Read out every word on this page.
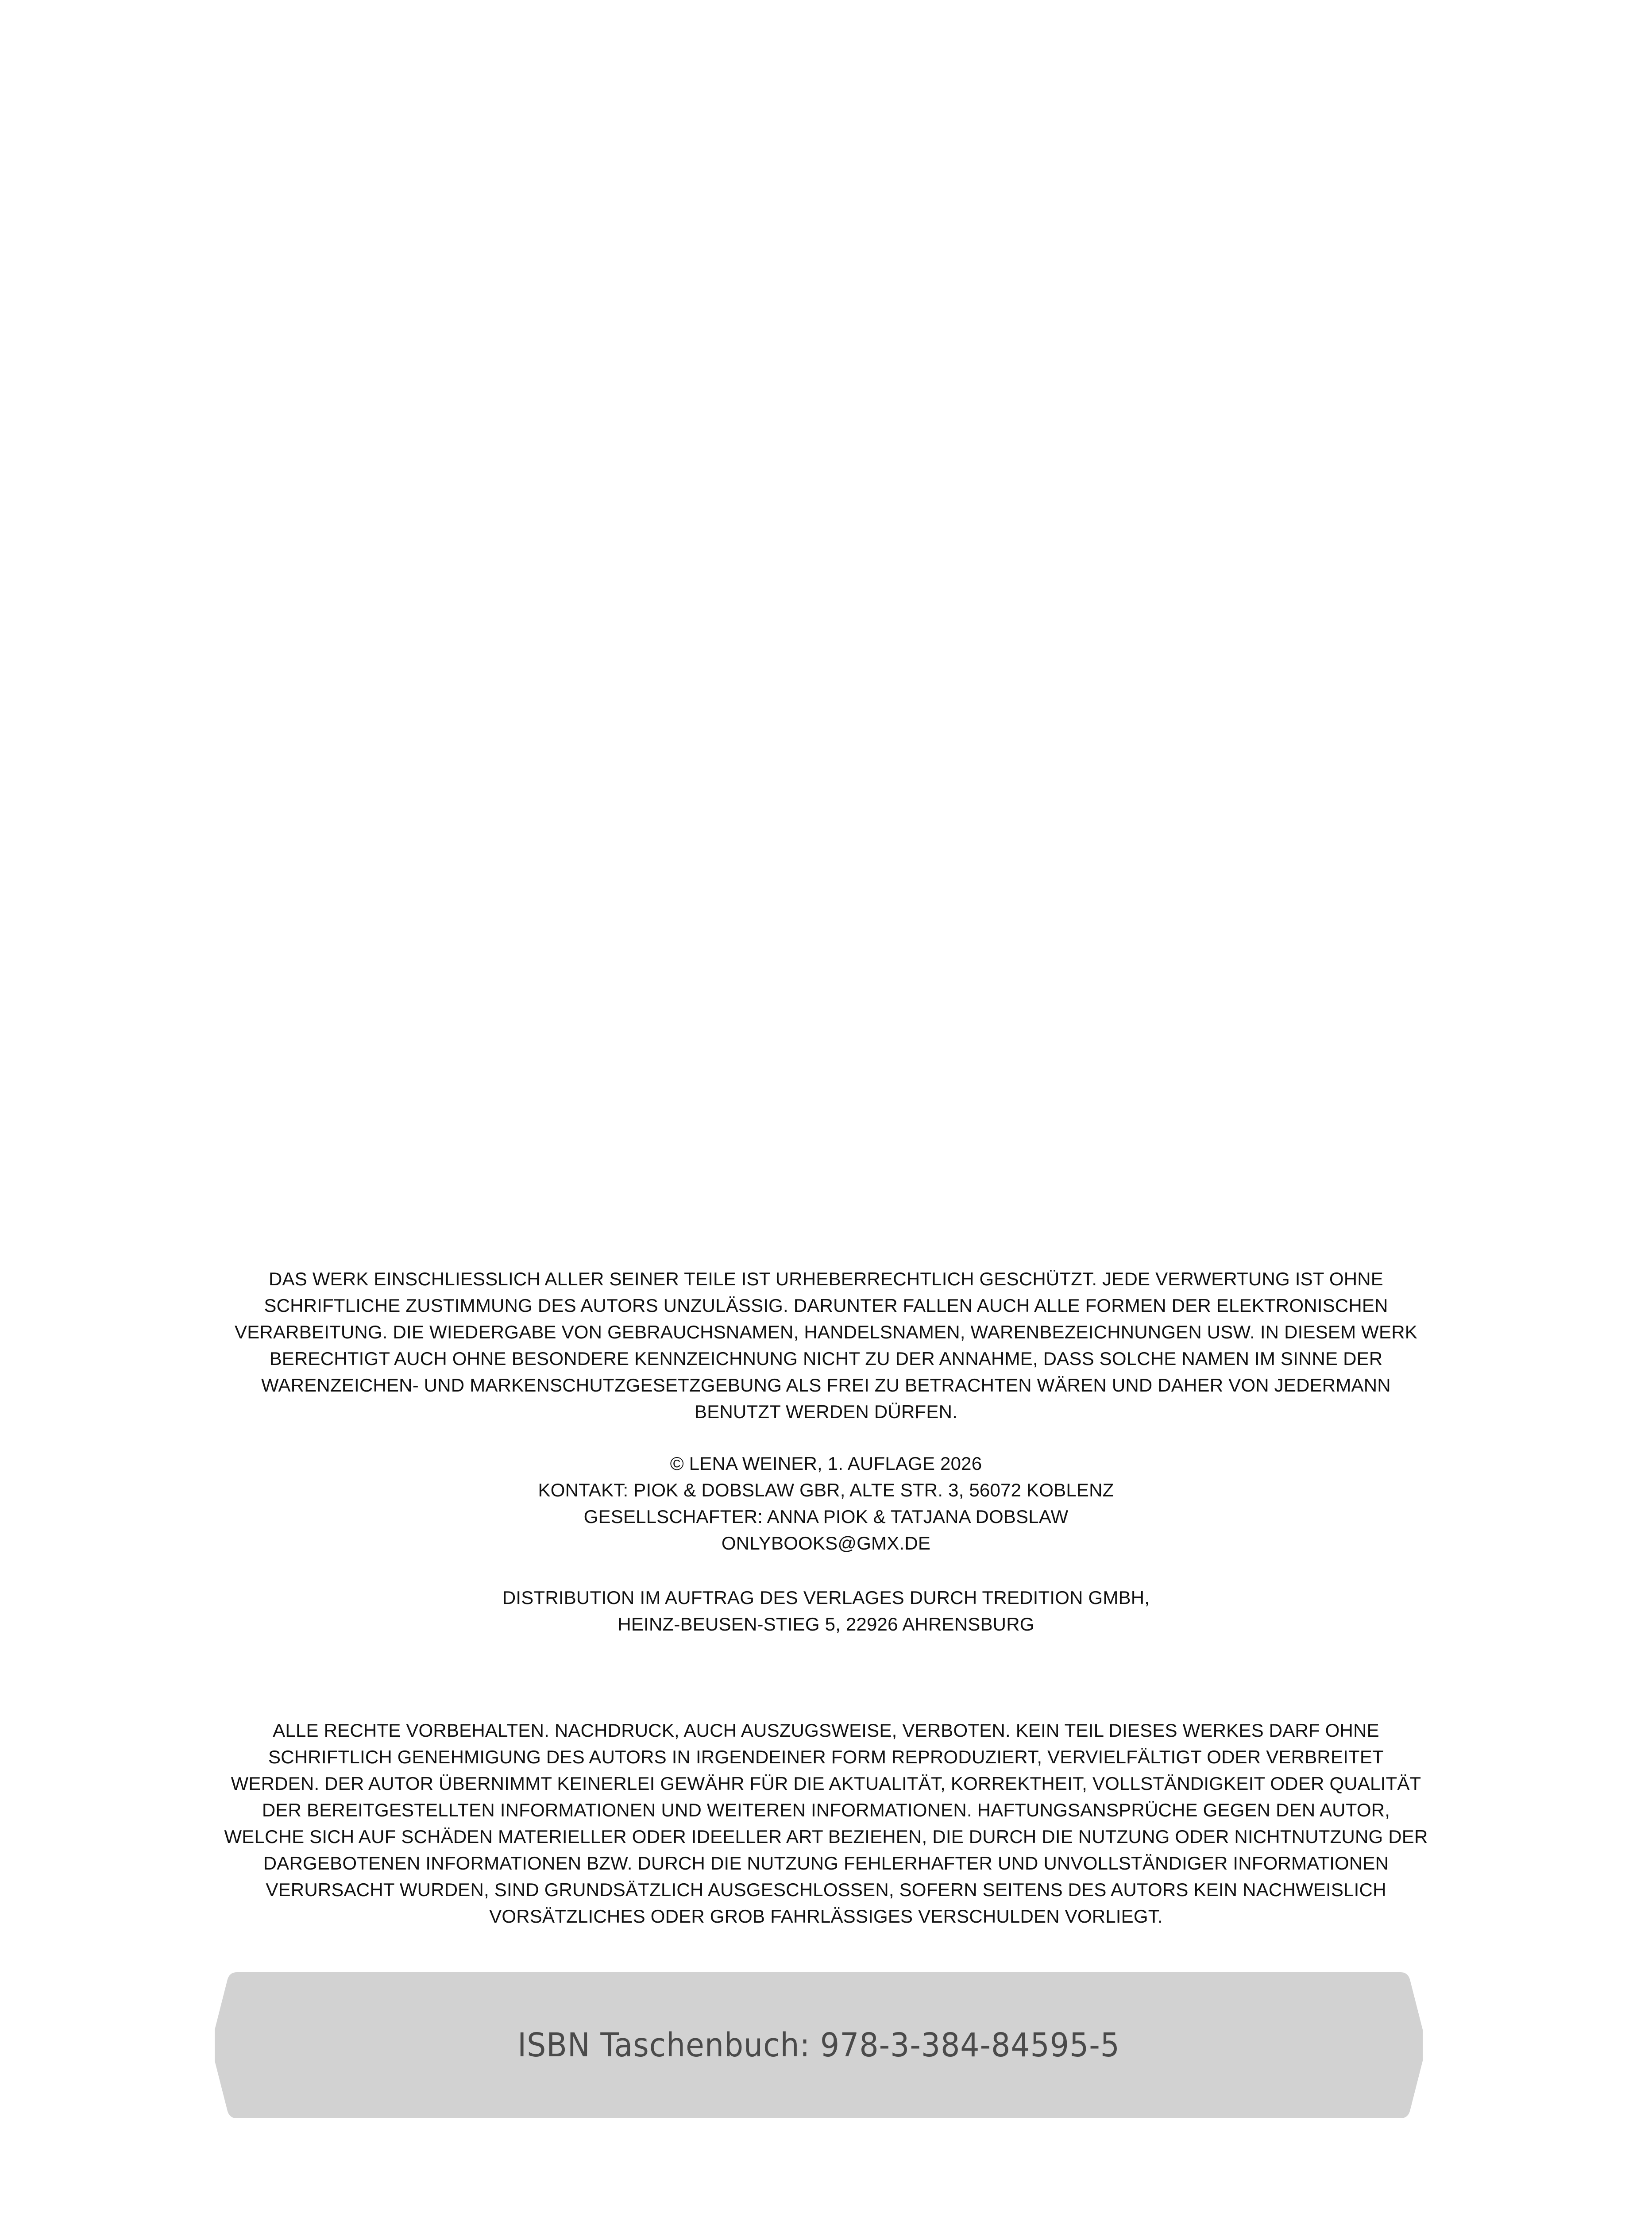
DAS WERK EINSCHLIESSLICH ALLER SEINER TEILE IST URHEBERRECHTLICH GESCHÜTZT. JEDE VERWERTUNG IST OHNE

SCHRIFTLICHE ZUSTIMMUNG DES AUTORS UNZULÄSSIG. DARUNTER FALLEN AUCH ALLE FORMEN DER ELEKTRONISCHEN

VERARBEITUNG. DIE WIEDERGABE VON GEBRAUCHSNAMEN, HANDELSNAMEN, WARENBEZEICHNUNGEN USW. IN DIESEM WERK

BERECHTIGT AUCH OHNE BESONDERE KENNZEICHNUNG NICHT ZU DER ANNAHME, DASS SOLCHE NAMEN IM SINNE DER

WARENZEICHEN- UND MARKENSCHUTZGESETZGEBUNG ALS FREI ZU BETRACHTEN WÄREN UND DAHER VON JEDERMANN

BENUTZT WERDEN DÜRFEN.

© LENA WEINER, 1. AUFLAGE 2026

KONTAKT: PIOK & DOBSLAW GBR, ALTE STR. 3, 56072 KOBLENZ

GESELLSCHAFTER: ANNA PIOK & TATJANA DOBSLAW

ONLYBOOKS@GMX.DE

DISTRIBUTION IM AUFTRAG DES VERLAGES DURCH TREDITION GMBH,

HEINZ-BEUSEN-STIEG 5, 22926 AHRENSBURG

ALLE RECHTE VORBEHALTEN. NACHDRUCK, AUCH AUSZUGSWEISE, VERBOTEN. KEIN TEIL DIESES WERKES DARF OHNE

SCHRIFTLICH GENEHMIGUNG DES AUTORS IN IRGENDEINER FORM REPRODUZIERT, VERVIELFÄLTIGT ODER VERBREITET

WERDEN. DER AUTOR ÜBERNIMMT KEINERLEI GEWÄHR FÜR DIE AKTUALITÄT, KORREKTHEIT, VOLLSTÄNDIGKEIT ODER QUALITÄT

DER BEREITGESTELLTEN INFORMATIONEN UND WEITEREN INFORMATIONEN. HAFTUNGSANSPRÜCHE GEGEN DEN AUTOR,

WELCHE SICH AUF SCHÄDEN MATERIELLER ODER IDEELLER ART BEZIEHEN, DIE DURCH DIE NUTZUNG ODER NICHTNUTZUNG DER

DARGEBOTENEN INFORMATIONEN BZW. DURCH DIE NUTZUNG FEHLERHAFTER UND UNVOLLSTÄNDIGER INFORMATIONEN

VERURSACHT WURDEN, SIND GRUNDSÄTZLICH AUSGESCHLOSSEN, SOFERN SEITENS DES AUTORS KEIN NACHWEISLICH

VORSÄTZLICHES ODER GROB FAHRLÄSSIGES VERSCHULDEN VORLIEGT.

ISBN Taschenbuch: 978-3-384-84595-5
